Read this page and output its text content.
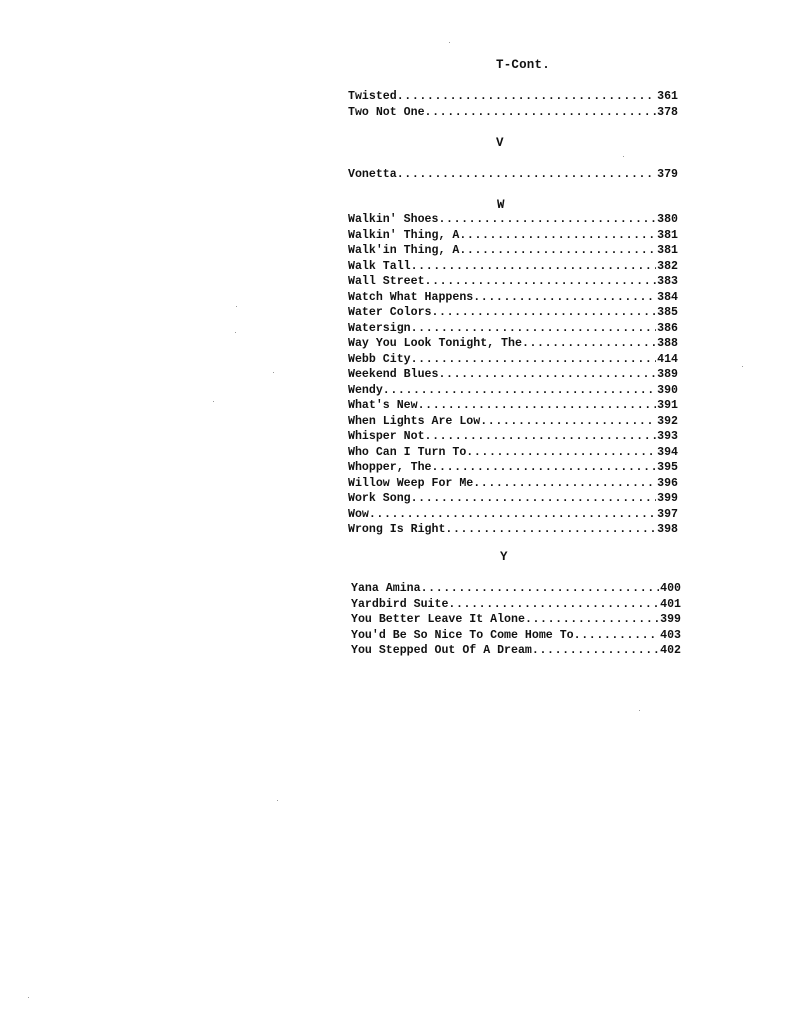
T-Cont.
Twisted .....	361
Two Not One .....	378
V
Vonetta .....	379
W
Walkin' Shoes .....	380
Walkin' Thing, A .....	381
Walk'in Thing, A .....	381
Walk Tall .....	382
Wall Street .....	383
Watch What Happens .....	384
Water Colors .....	385
Watersign .....	386
Way You Look Tonight, The .....	388
Webb City .....	414
Weekend Blues .....	389
Wendy .....	390
What's New .....	391
When Lights Are Low .....	392
Whisper Not .....	393
Who Can I Turn To .....	394
Whopper, The .....	395
Willow Weep For Me .....	396
Work Song .....	399
Wow .....	397
Wrong Is Right .....	398
Y
Yana Amina .....	400
Yardbird Suite .....	401
You Better Leave It Alone .....	399
You'd Be So Nice To Come Home To .....	403
You Stepped Out Of A Dream .....	402
